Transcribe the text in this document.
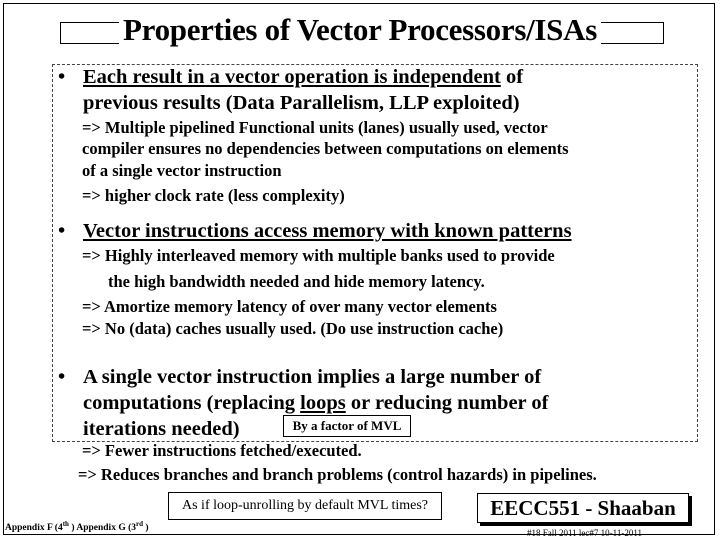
Properties of Vector Processors/ISAs
• Each result in a vector operation is independent of
previous results (Data Parallelism, LLP exploited)
=> Multiple pipelined Functional units (lanes) usually used, vector
compiler ensures no dependencies between computations on elements
of a single vector instruction
=> higher clock rate (less complexity)
• Vector instructions access memory with known patterns
=> Highly interleaved memory with multiple banks used to provide
the high bandwidth needed and hide memory latency.
=> Amortize memory latency of over many vector elements
=> No (data) caches usually used. (Do use instruction cache)
• A single vector instruction implies a large number of
computations (replacing loops or reducing number of
iterations needed)	By a factor of MVL
=> Fewer instructions fetched/executed.
=> Reduces branches and branch problems (control hazards) in pipelines.
As if loop-unrolling by default MVL times?
Appendix F (4th ) Appendix G (3rd )
EECC551 - Shaaban
#18 Fall 2011 lec#7 10-11-2011
